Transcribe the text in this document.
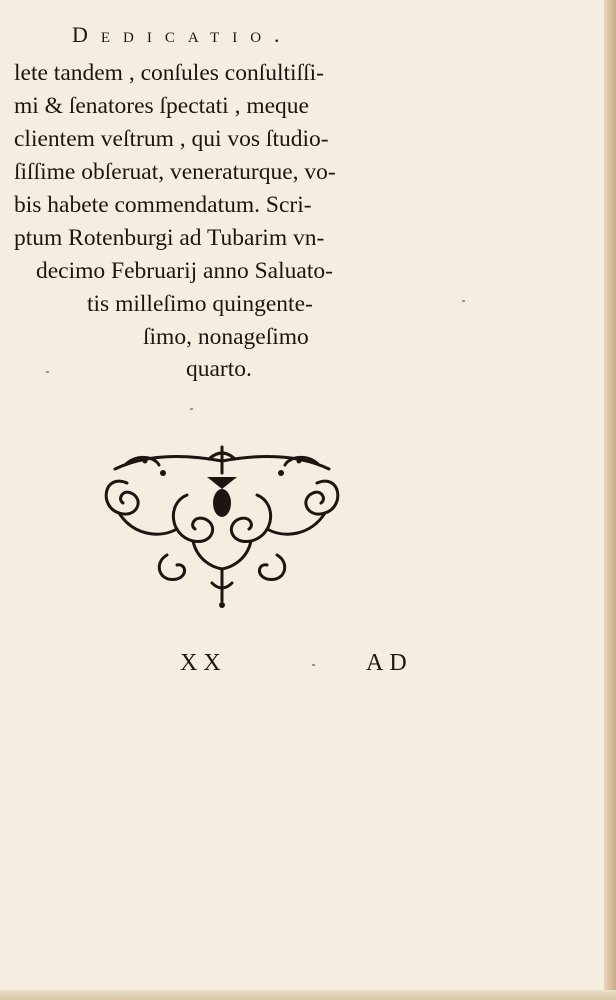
Dedicatio.
lete tandem , conſules conſultiſſi-
mi & ſenatores ſpectati , meque
clientem veſtrum , qui vos ſtudio-
ſiſſime obſeruat, veneraturque, vo-
bis habete commendatum. Scri-
ptum Rotenburgi ad Tubarim vn-
decimo Februarij anno Saluato-
tis milleſimo quingente-
ſimo, nonageſimo
quarto.
X X	AD
